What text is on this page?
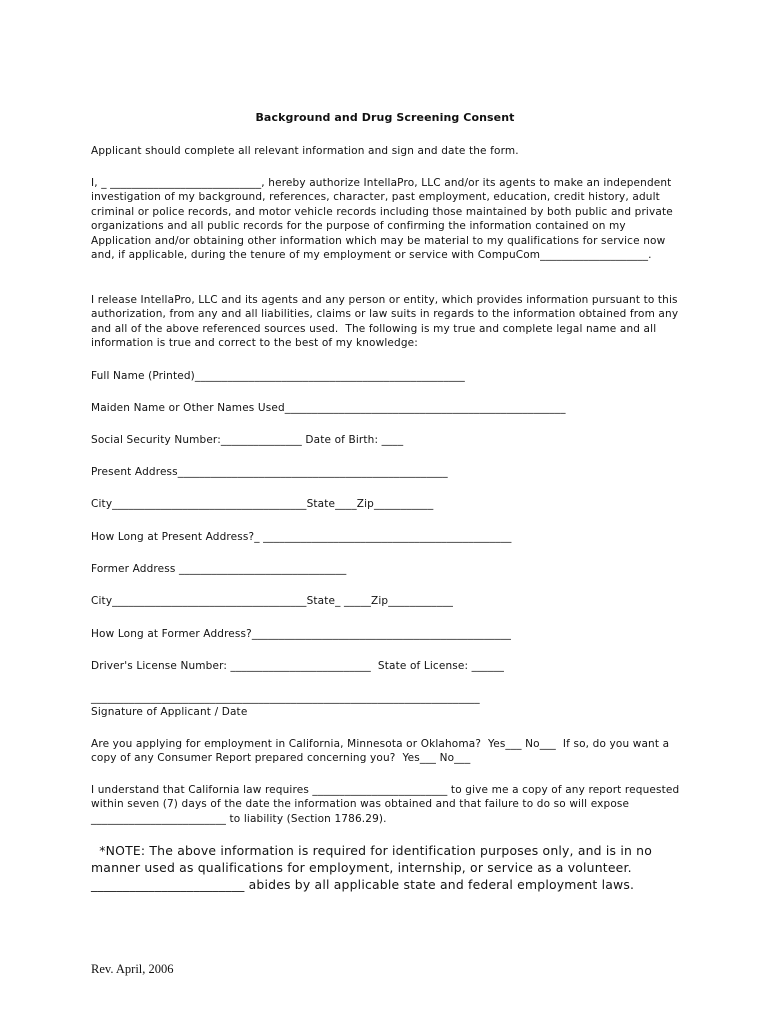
Background and Drug Screening Consent

Applicant should complete all relevant information and sign and date the form.

I, _ ____________________________, hereby authorize IntellaPro, LLC and/or its agents to make an independent investigation of my background, references, character, past employment, education, credit history, adult criminal or police records, and motor vehicle records including those maintained by both public and private organizations and all public records for the purpose of confirming the information contained on my Application and/or obtaining other information which may be material to my qualifications for service now and, if applicable, during the tenure of my employment or service with CompuCom____________________.

I release IntellaPro, LLC and its agents and any person or entity, which provides information pursuant to this authorization, from any and all liabilities, claims or law suits in regards to the information obtained from any and all of the above referenced sources used.  The following is my true and complete legal name and all information is true and correct to the best of my knowledge:

Full Name (Printed)__________________________________________________

Maiden Name or Other Names Used____________________________________________________

Social Security Number:_______________ Date of Birth: ____

Present Address__________________________________________________

City____________________________________State____Zip___________

How Long at Present Address?_ ______________________________________________

Former Address _______________________________

City____________________________________State_ _____Zip____________

How Long at Former Address?________________________________________________

Driver's License Number: __________________________  State of License: ______

________________________________________________________________________

Signature of Applicant / Date

Are you applying for employment in California, Minnesota or Oklahoma?  Yes___ No___  If so, do you want a copy of any Consumer Report prepared concerning you?  Yes___ No___

I understand that California law requires _________________________ to give me a copy of any report requested within seven (7) days of the date the information was obtained and that failure to do so will expose _________________________ to liability (Section 1786.29).

*NOTE: The above information is required for identification purposes only, and is in no manner used as qualifications for employment, internship, or service as a volunteer. ________________________ abides by all applicable state and federal employment laws.

Rev. April, 2006
